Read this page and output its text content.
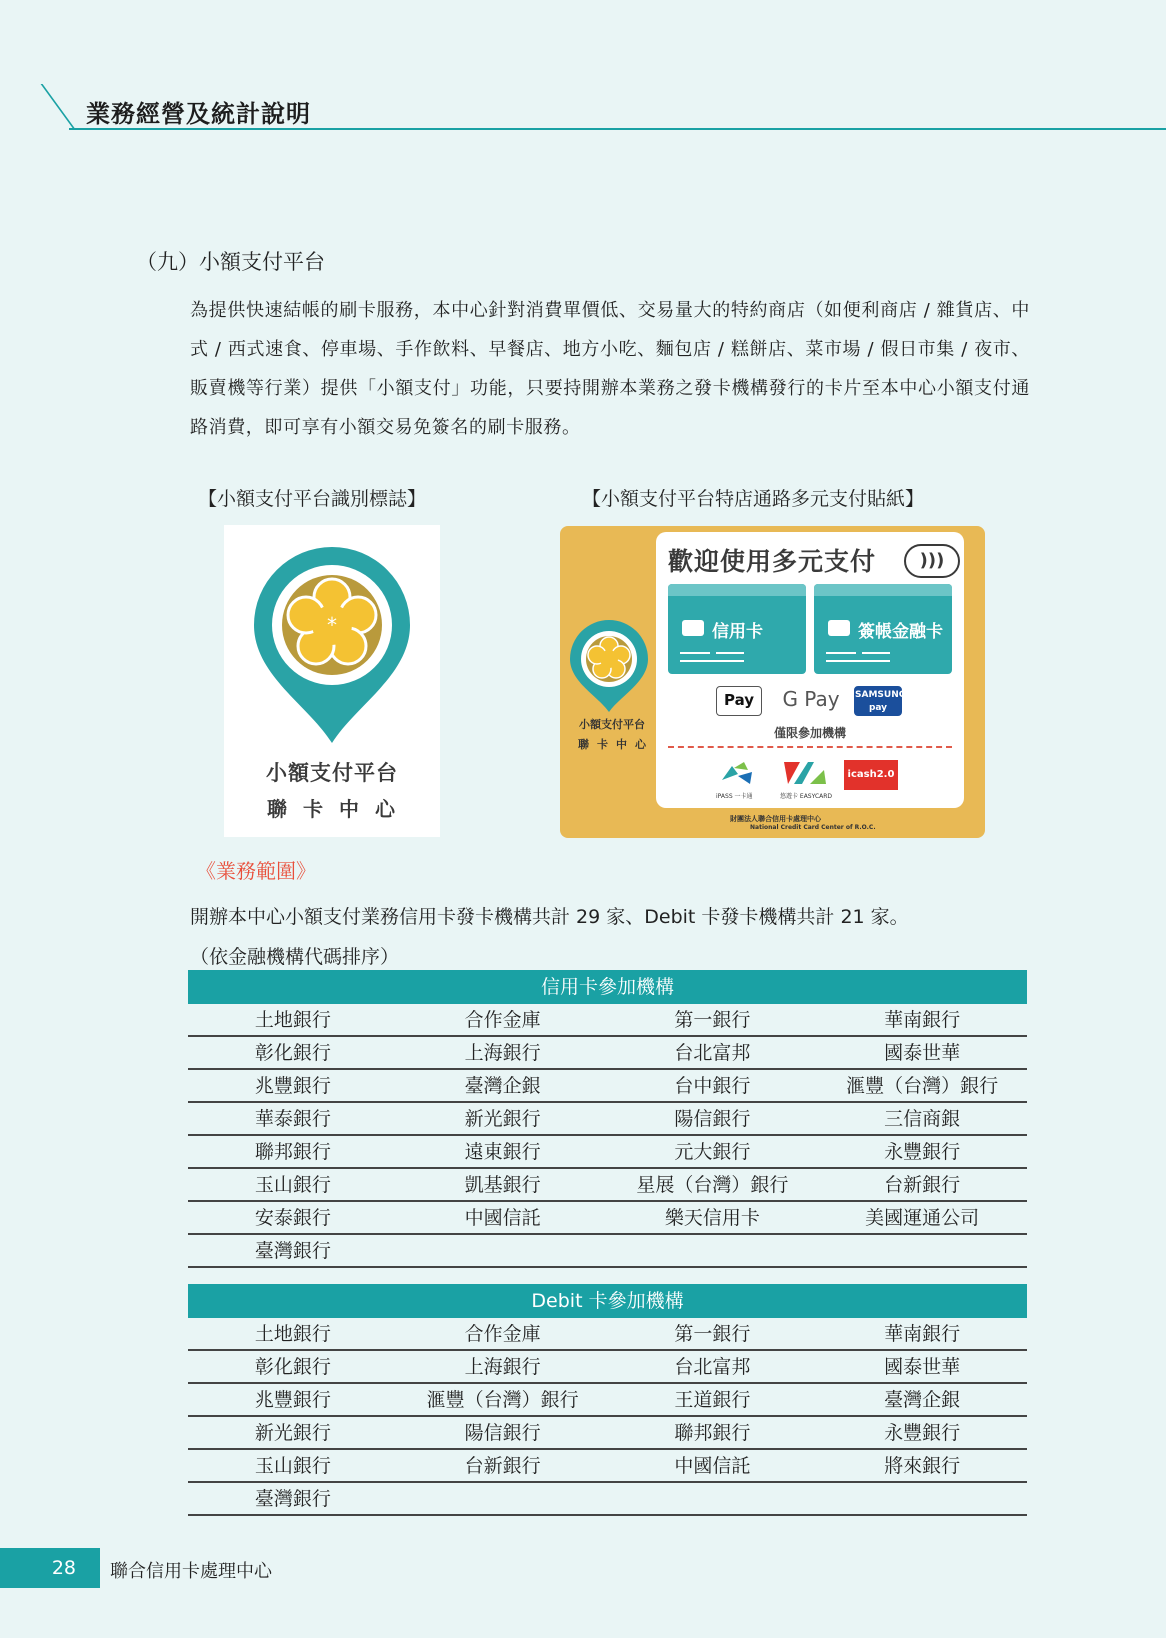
業務經營及統計說明
（九）小額支付平台
為提供快速結帳的刷卡服務，本中心針對消費單價低、交易量大的特約商店（如便利商店 / 雜貨店、中式 / 西式速食、停車場、手作飲料、早餐店、地方小吃、麵包店 / 糕餅店、菜市場 / 假日市集 / 夜市、販賣機等行業）提供「小額支付」功能，只要持開辦本業務之發卡機構發行的卡片至本中心小額支付通路消費，即可享有小額交易免簽名的刷卡服務。
【小額支付平台識別標誌】	【小額支付平台特店通路多元支付貼紙】
*
小額支付平台
聯卡中心
小額支付平台
聯卡中心
歡迎使用多元支付	)))
信用卡	簽帳金融卡
Pay	G Pay SAMSUNG pay
僅限參加機構
icash2.0
iPASS 一卡通	悠遊卡 EASYCARD
財團法人聯合信用卡處理中心
National Credit Card Center of R.O.C.
《業務範圍》
開辦本中心小額支付業務信用卡發卡機構共計 29 家、Debit 卡發卡機構共計 21 家。
（依金融機構代碼排序）
信用卡參加機構
土地銀行	合作金庫	第一銀行	華南銀行
彰化銀行	上海銀行	台北富邦	國泰世華
兆豐銀行	臺灣企銀	台中銀行	滙豐（台灣）銀行
華泰銀行	新光銀行	陽信銀行	三信商銀
聯邦銀行	遠東銀行	元大銀行	永豐銀行
玉山銀行	凱基銀行	星展（台灣）銀行	台新銀行
安泰銀行	中國信託	樂天信用卡	美國運通公司
臺灣銀行
Debit 卡參加機構
土地銀行	合作金庫	第一銀行	華南銀行
彰化銀行	上海銀行	台北富邦	國泰世華
兆豐銀行	滙豐（台灣）銀行	王道銀行	臺灣企銀
新光銀行	陽信銀行	聯邦銀行	永豐銀行
玉山銀行	台新銀行	中國信託	將來銀行
臺灣銀行
28	聯合信用卡處理中心
